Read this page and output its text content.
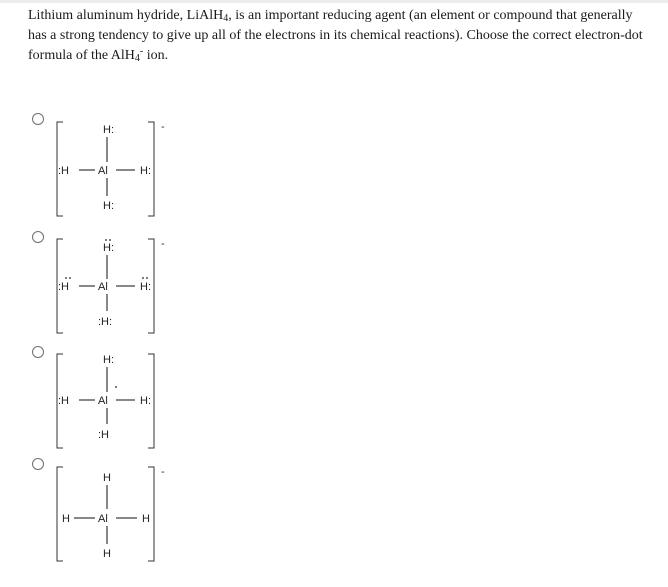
Lithium aluminum hydride, LiAlH$_4$, is an important reducing agent (an element or compound that generally has a strong tendency to give up all of the electrons in its chemical reactions). Choose the correct electron-dot formula of the AlH$_4$- ion.
-
H:
:H	Al	H:
H:
-
H:
:H	Al	H:
:H:
H:
:H	Al	H:
:H
-
H
H	Al	H
H
